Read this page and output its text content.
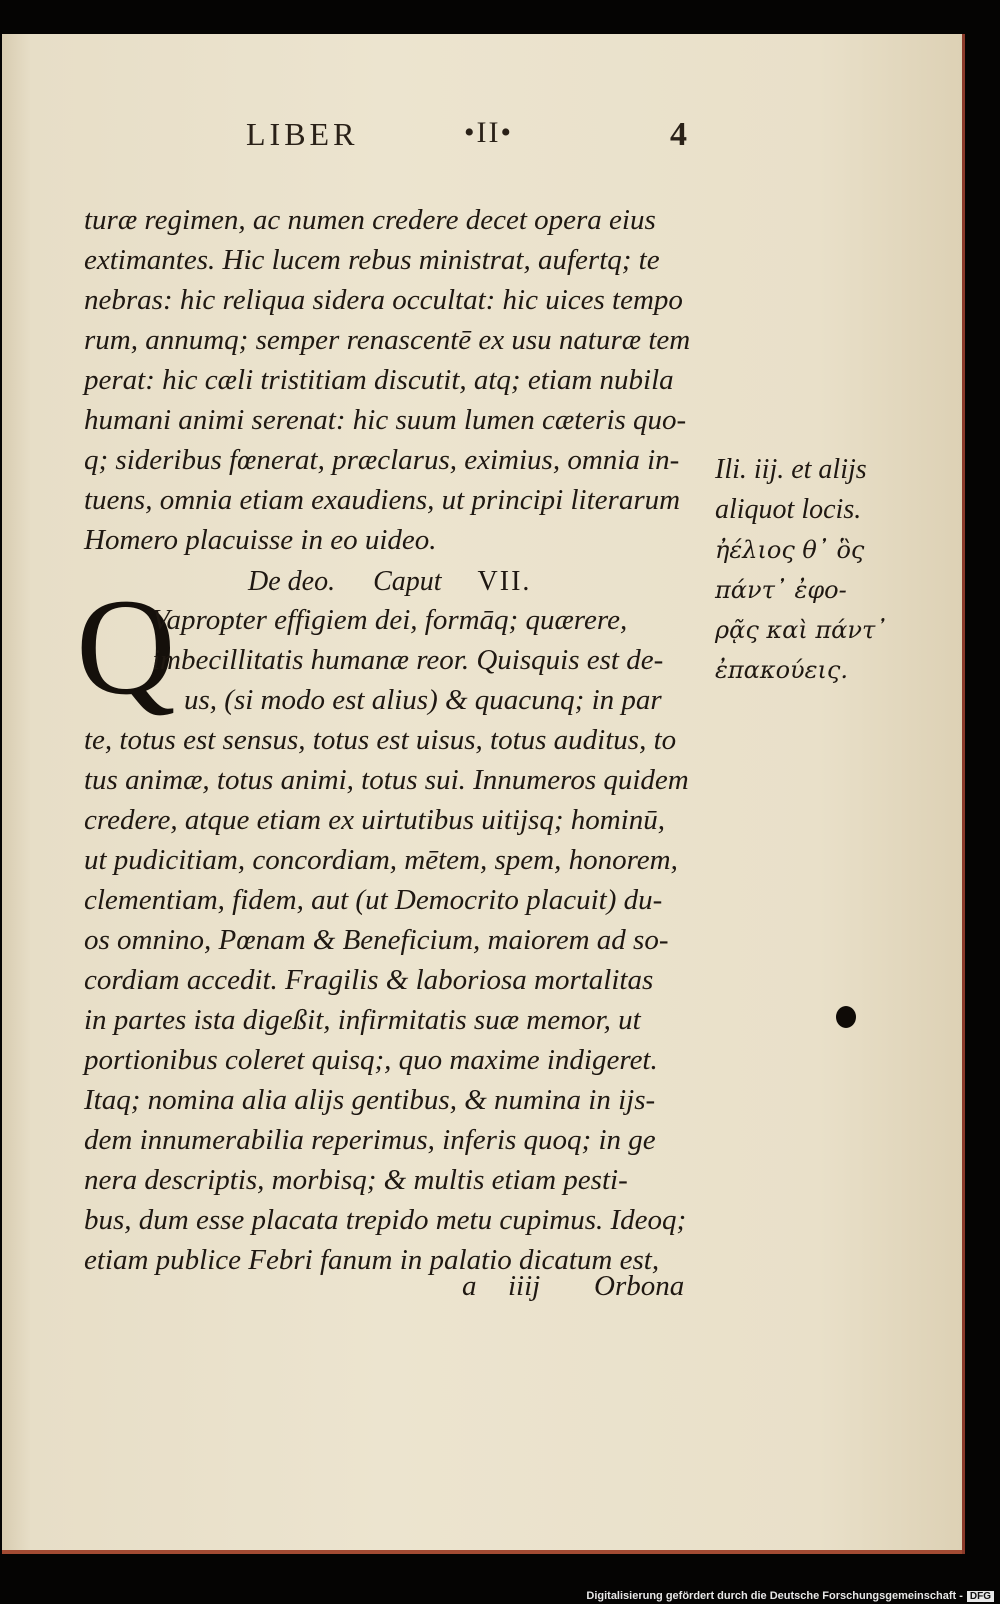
LIBER	•II•	4
turæ regimen, ac numen credere decet opera eius
extimantes. Hic lucem rebus ministrat, aufertq; te
nebras: hic reliqua sidera occultat: hic uices tempo
rum, annumq; semper renascentē ex usu naturæ tem
perat: hic cæli tristitiam discutit, atq; etiam nubila
humani animi serenat: hic suum lumen cæteris quo-
q; sideribus fœnerat, præclarus, eximius, omnia in-
tuens, omnia etiam exaudiens, ut principi literarum
Homero placuisse in eo uideo.
De deo. Caput VII.
Q
Vapropter effigiem dei, formāq; quærere,
imbecillitatis humanæ reor. Quisquis est de-
us, (si modo est alius) & quacunq; in par
te, totus est sensus, totus est uisus, totus auditus, to
tus animæ, totus animi, totus sui. Innumeros quidem
credere, atque etiam ex uirtutibus uitijsq; hominū,
ut pudicitiam, concordiam, mētem, spem, honorem,
clementiam, fidem, aut (ut Democrito placuit) du-
os omnino, Pœnam & Beneficium, maiorem ad so-
cordiam accedit. Fragilis & laboriosa mortalitas
in partes ista digeßit, infirmitatis suæ memor, ut
portionibus coleret quisq;, quo maxime indigeret.
Itaq; nomina alia alijs gentibus, & numina in ijs-
dem innumerabilia reperimus, inferis quoq; in ge
nera descriptis, morbisq; & multis etiam pesti-
bus, dum esse placata trepido metu cupimus. Ideoq;
etiam publice Febri fanum in palatio dicatum est,
a iiij Orbona
Ili. iij. et alijs
aliquot locis.
ἠέλιος θ᾽ ὃς
πάντ᾽ ἐφο-
ρᾷς καὶ πάντ᾽
ἐπακούεις.
Digitalisierung gefördert durch die Deutsche Forschungsgemeinschaft - DFG
